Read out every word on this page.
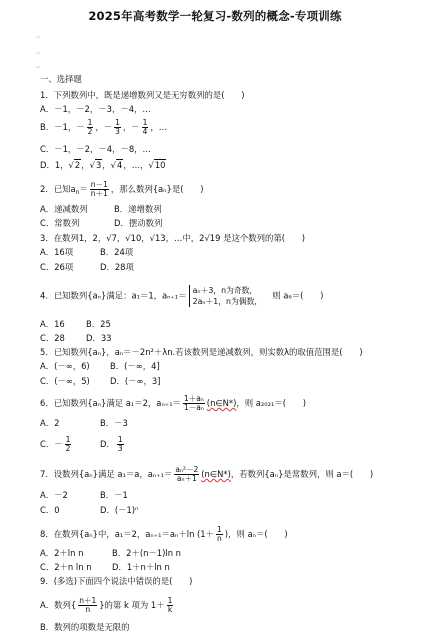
2025年高考数学一轮复习-数列的概念-专项训练
↵
↵
↵
一、选择题
1．下列数列中，既是递增数列又是无穷数列的是(　　)
A．－1，－2，－3，－4，…
B．－1，－ $\frac{1}{2}$ ，－ $\frac{1}{3}$ ，－ $\frac{1}{4}$ ，…
C．－1，－2，－4，－8，…
D．1，√2，√3，√4，…，√10
2．已知$a_n= \frac{n-1}{n+1}$ ，那么数列{aₙ}是(　　)
A．递减数列	B．递增数列
C．常数列	D．摆动数列
3．在数列1，2，√7，√10，√13，…中，2√19 是这个数列的第(　　)
A．16项	B．24项
C．26项	D．28项
4．已知数列{aₙ}满足：a₁＝1，aₙ₊₁＝ aₙ＋3，n为奇数，
2aₙ＋1，n为偶数，
则 a₆＝(　　)
A．16	B．25
C．28	D．33
5．已知数列{aₙ}，aₙ＝－2n²＋λn.若该数列是递减数列，则实数λ的取值范围是(　　)
A．(－∞，6) B．(－∞，4]
C．(－∞，5) D．(－∞，3]
6．已知数列{aₙ}满足 a₁＝2，$a_{n+1}= \frac{\text{1＋aₙ}}{\text{1－aₙ}}$ (n∈N*)，则 a₂₀₂₁＝(　　)
A．2	B．－3
C．－ $\frac{1}{2}$	D． $\frac{1}{3}$
7．设数列{aₙ}满足 a₁＝a，$a_{n+1}= \frac{\text{aₙ²－2}}{\text{aₙ＋1}}$ (n∈N*)，若数列{aₙ}是常数列，则 a＝(　　)
A．－2	B．－1
C．0	D．(－1)ⁿ
8．在数列{aₙ}中，a₁＝2，aₙ₊₁＝aₙ＋ln ($1+ \frac{1}{n}$ )，则 aₙ＝(　　)
A．2＋ln n	B．2＋(n－1)ln n
C．2＋n ln n D．1＋n＋ln n
9．(多选)下面四个说法中错误的是(　　)
A．数列{ $\frac{n+1}{n}$ }的第 k 项为 $1+ \frac{1}{k}$
B．数列的项数是无限的
